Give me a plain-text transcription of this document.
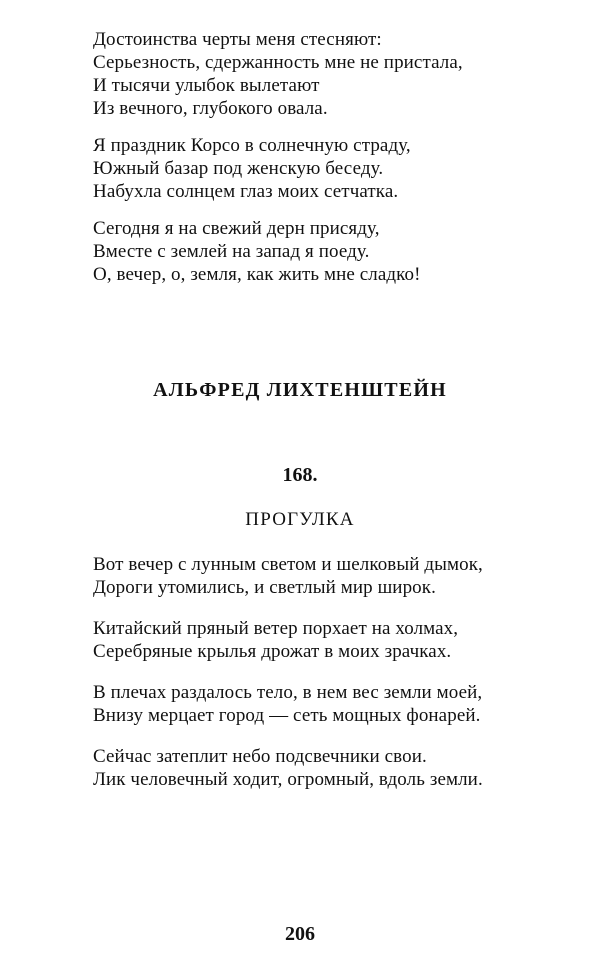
Достоинства черты меня стесняют:
Серьезность, сдержанность мне не пристала,
И тысячи улыбок вылетают
Из вечного, глубокого овала.
Я праздник Корсо в солнечную страду,
Южный базар под женскую беседу.
Набухла солнцем глаз моих сетчатка.
Сегодня я на свежий дерн присяду,
Вместе с землей на запад я поеду.
О, вечер, о, земля, как жить мне сладко!
АЛЬФРЕД ЛИХТЕНШТЕЙН
168.
ПРОГУЛКА
Вот вечер с лунным светом и шелковый дымок,
Дороги утомились, и светлый мир широк.
Китайский пряный ветер порхает на холмах,
Серебряные крылья дрожат в моих зрачках.
В плечах раздалось тело, в нем вес земли моей,
Внизу мерцает город — сеть мощных фонарей.
Сейчас затеплит небо подсвечники свои.
Лик человечный ходит, огромный, вдоль земли.
206
